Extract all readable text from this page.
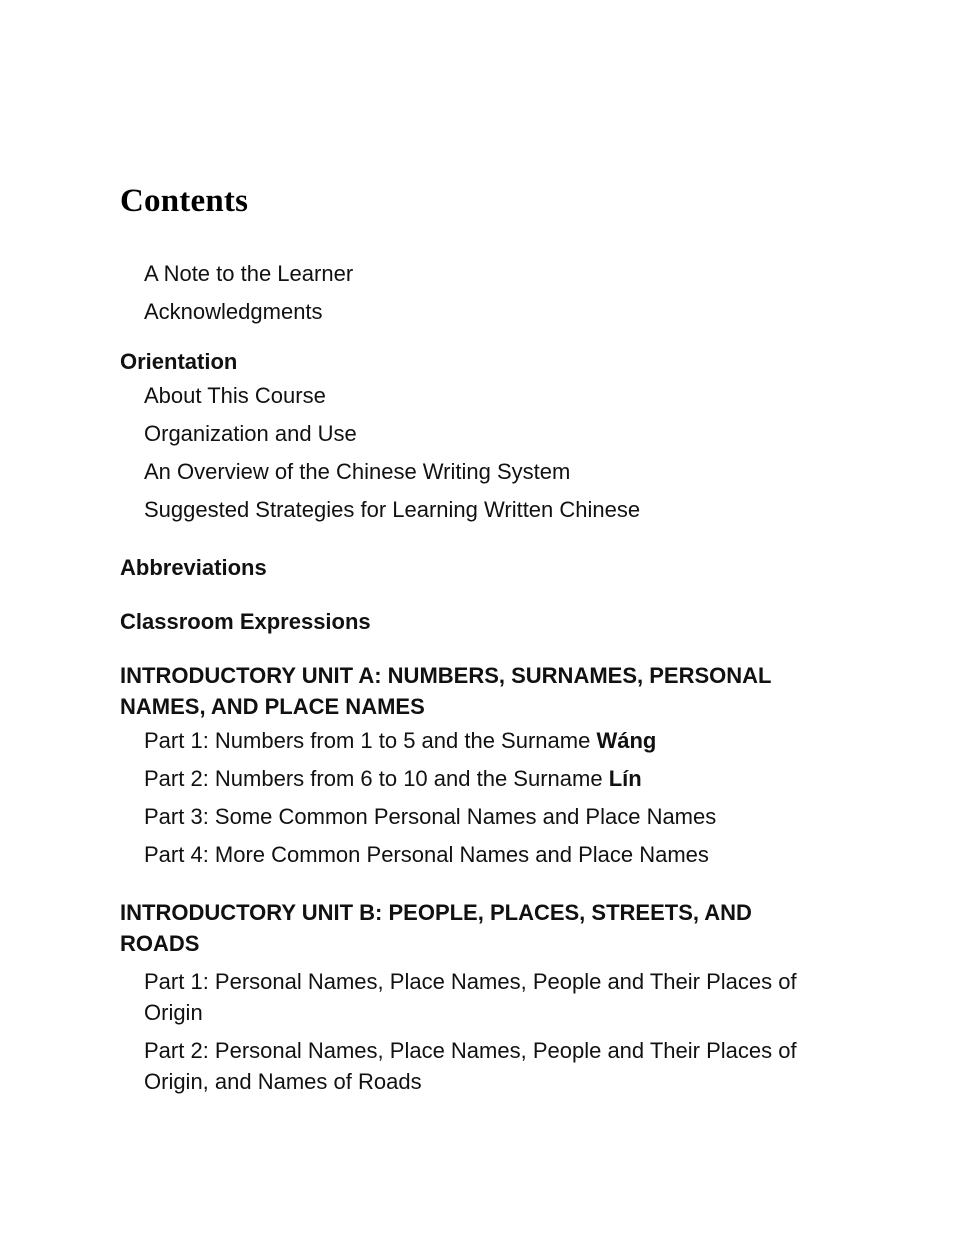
Contents
A Note to the Learner
Acknowledgments
Orientation
About This Course
Organization and Use
An Overview of the Chinese Writing System
Suggested Strategies for Learning Written Chinese
Abbreviations
Classroom Expressions
INTRODUCTORY UNIT A: NUMBERS, SURNAMES, PERSONAL NAMES, AND PLACE NAMES
Part 1: Numbers from 1 to 5 and the Surname Wáng
Part 2: Numbers from 6 to 10 and the Surname Lín
Part 3: Some Common Personal Names and Place Names
Part 4: More Common Personal Names and Place Names
INTRODUCTORY UNIT B: PEOPLE, PLACES, STREETS, AND ROADS
Part 1: Personal Names, Place Names, People and Their Places of Origin
Part 2: Personal Names, Place Names, People and Their Places of Origin, and Names of Roads
